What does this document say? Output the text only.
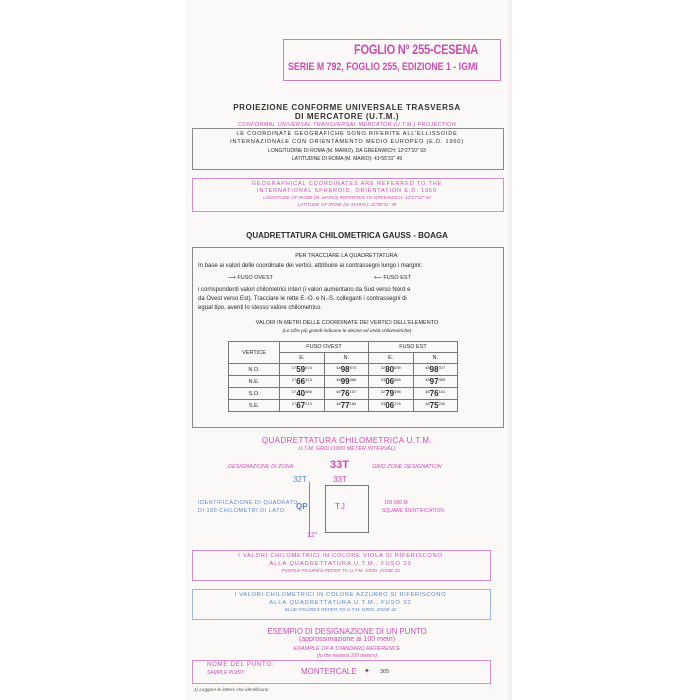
FOGLIO Nº 255-CESENA
SERIE M 792, FOGLIO 255, EDIZIONE 1 - IGMI
PROIEZIONE CONFORME UNIVERSALE TRASVERSA
DI MERCATORE (U.T.M.)
CONFORMAL UNIVERSAL TRANSVERSAL MERCATOR (U.T.M.) PROJECTION
LE COORDINATE GEOGRAFICHE SONO RIFERITE ALL'ELLISSOIDE
INTERNAZIONALE CON ORIENTAMENTO MEDIO EUROPEO (E.D. 1950)
LONGITUDINE DI ROMA (M. MARIO), DA GREENWICH: 12º27'10" 93
LATITUDINE DI ROMA (M. MARIO): 41º55'31" 49
GEOGRAPHICAL COORDINATES ARE REFERRED TO THE
INTERNATIONAL SPHEROID, ORIENTATION E.D. 1950
LONGITUDE OF ROME (M. MARIO) REFERRED TO GREENWICH: 12º27'10" 93
LATITUDE OF ROME (M. MARIO): 41º55'31" 49
QUADRETTATURA CHILOMETRICA GAUSS - BOAGA
PER TRACCIARE LA QUADRETTATURA:
In base ai valori delle coordinate dei vertici, attribuire ai contrassegni lungo i margini:
⟶ FUSO OVEST	⟵ FUSO EST
i corrispondenti valori chilometrici interi (i valori aumentano da Sud verso Nord e
da Ovest verso Est). Tracciare le rette E.-O. e N.-S. colleganti i contrassegni di
egual tipo, aventi lo stesso valore chilometrico.
VALORI IN METRI DELLE COORDINATE DEI VERTICI DELL'ELEMENTO
(Le cifre più grandi indicano le decine ed unità chilometriche)
VERTICE	FUSO OVEST		FUSO EST	
	E.	N.	E.	N.
N.O.	$^{17}59^{674}$	$^{48}98^{573}$	$^{22}80^{039}$	$^{48}98^{377}$
N.E.	$^{17}66^{313}$	$^{48}99^{480}$	$^{23}06^{846}$	$^{48}97^{459}$
S.O.	$^{17}40^{486}$	$^{48}76^{157}$	$^{22}79^{398}$	$^{48}76^{161}$
S.E.	$^{17}67^{213}$	$^{48}77^{184}$	$^{23}06^{176}$	$^{48}75^{242}$
QUADRETTATURA CHILOMETRICA U.T.M.
U.T.M. GRID (1000 METER INTERVAL)
DESIGNAZIONE DI ZONA	33T	GRID ZONE DESIGNATION
32T	33T
IDENTIFICAZIONE DI QUADRATO
DI 100 CHILOMETRI DI LATO QP	TJ	100 000 M
SQUARE IDENTIFICATION
12°
I VALORI CHILOMETRICI IN COLORE VIOLA SI RIFERISCONO
ALLA QUADRETTATURA U.T.M., FUSO 33
PURPLE FIGURES REFER TO U.T.M. GRID, ZONE 33
I VALORI CHILOMETRICI IN COLORE AZZURRO SI RIFERISCONO
ALLA QUADRETTATURA U.T.M., FUSO 32
BLUE FIGURES REFER TO U.T.M. GRID, ZONE 32
ESEMPIO DI DESIGNAZIONE DI UN PUNTO
(approssimazione ai 100 metri)
EXAMPLE OF A STANDARD REFERENCE
(to the nearest 100 meters)
NOME DEL PUNTO:
SAMPLE POINT:	MONTERCALE ✦ 305
1) Leggere le lettere che identificano
